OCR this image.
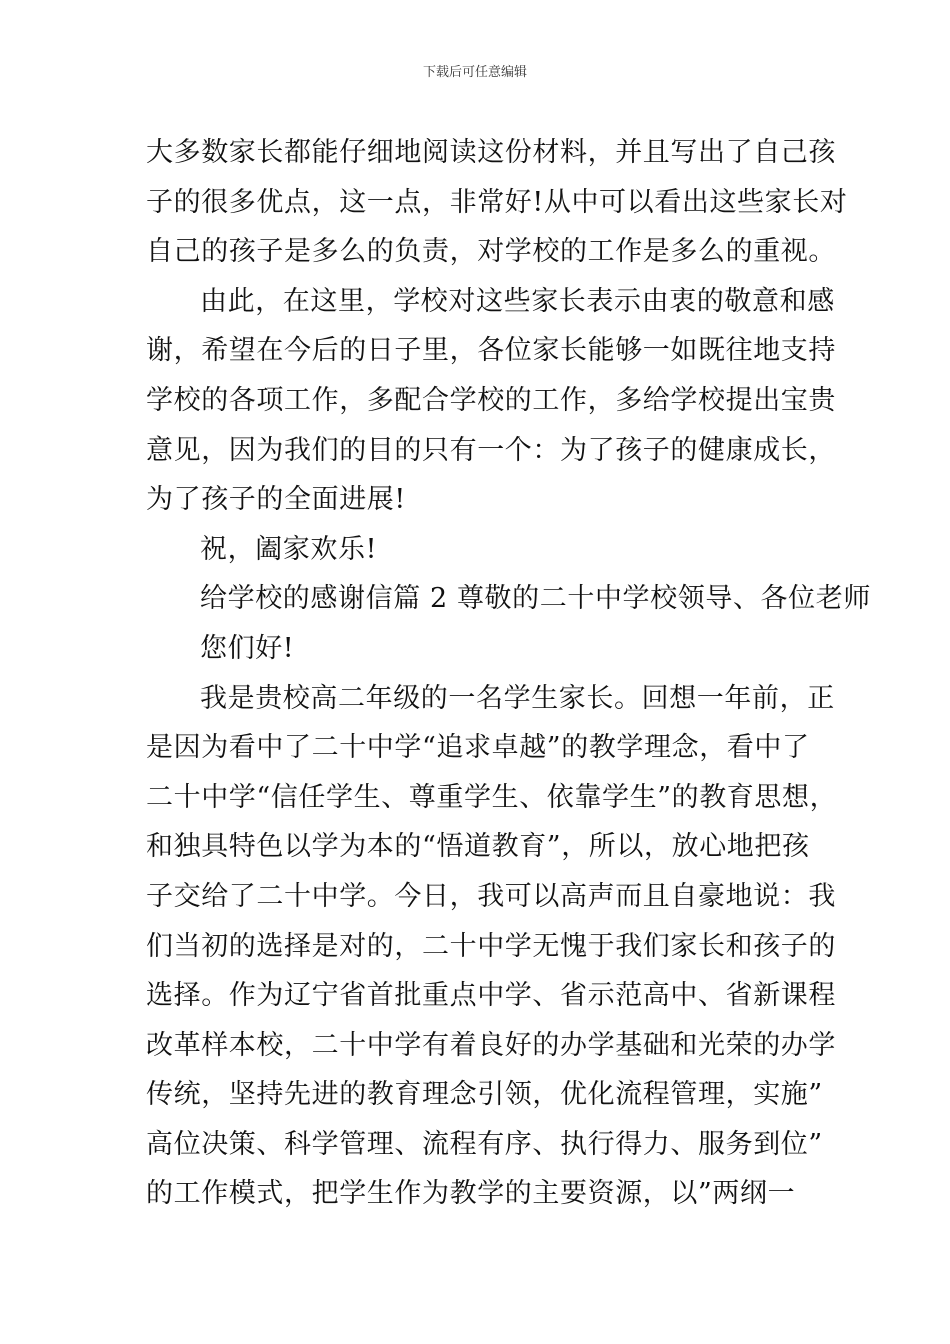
下载后可任意编辑

大多数家长都能仔细地阅读这份材料，并且写出了自己孩
子的很多优点，这一点，非常好!从中可以看出这些家长对
自己的孩子是多么的负责，对学校的工作是多么的重视。

由此，在这里，学校对这些家长表示由衷的敬意和感
谢，希望在今后的日子里，各位家长能够一如既往地支持
学校的各项工作，多配合学校的工作，多给学校提出宝贵
意见，因为我们的目的只有一个：为了孩子的健康成长，
为了孩子的全面进展!

祝，阖家欢乐!

给学校的感谢信篇 2 尊敬的二十中学校领导、各位老师

您们好!

我是贵校高二年级的一名学生家长。回想一年前，正
是因为看中了二十中学“追求卓越”的教学理念，看中了
二十中学“信任学生、尊重学生、依靠学生”的教育思想，
和独具特色以学为本的“悟道教育”，所以，放心地把孩
子交给了二十中学。今日，我可以高声而且自豪地说：我
们当初的选择是对的，二十中学无愧于我们家长和孩子的
选择。作为辽宁省首批重点中学、省示范高中、省新课程
改革样本校，二十中学有着良好的办学基础和光荣的办学
传统，坚持先进的教育理念引领，优化流程管理，实施”
高位决策、科学管理、流程有序、执行得力、服务到位”
的工作模式，把学生作为教学的主要资源，以”两纲一
